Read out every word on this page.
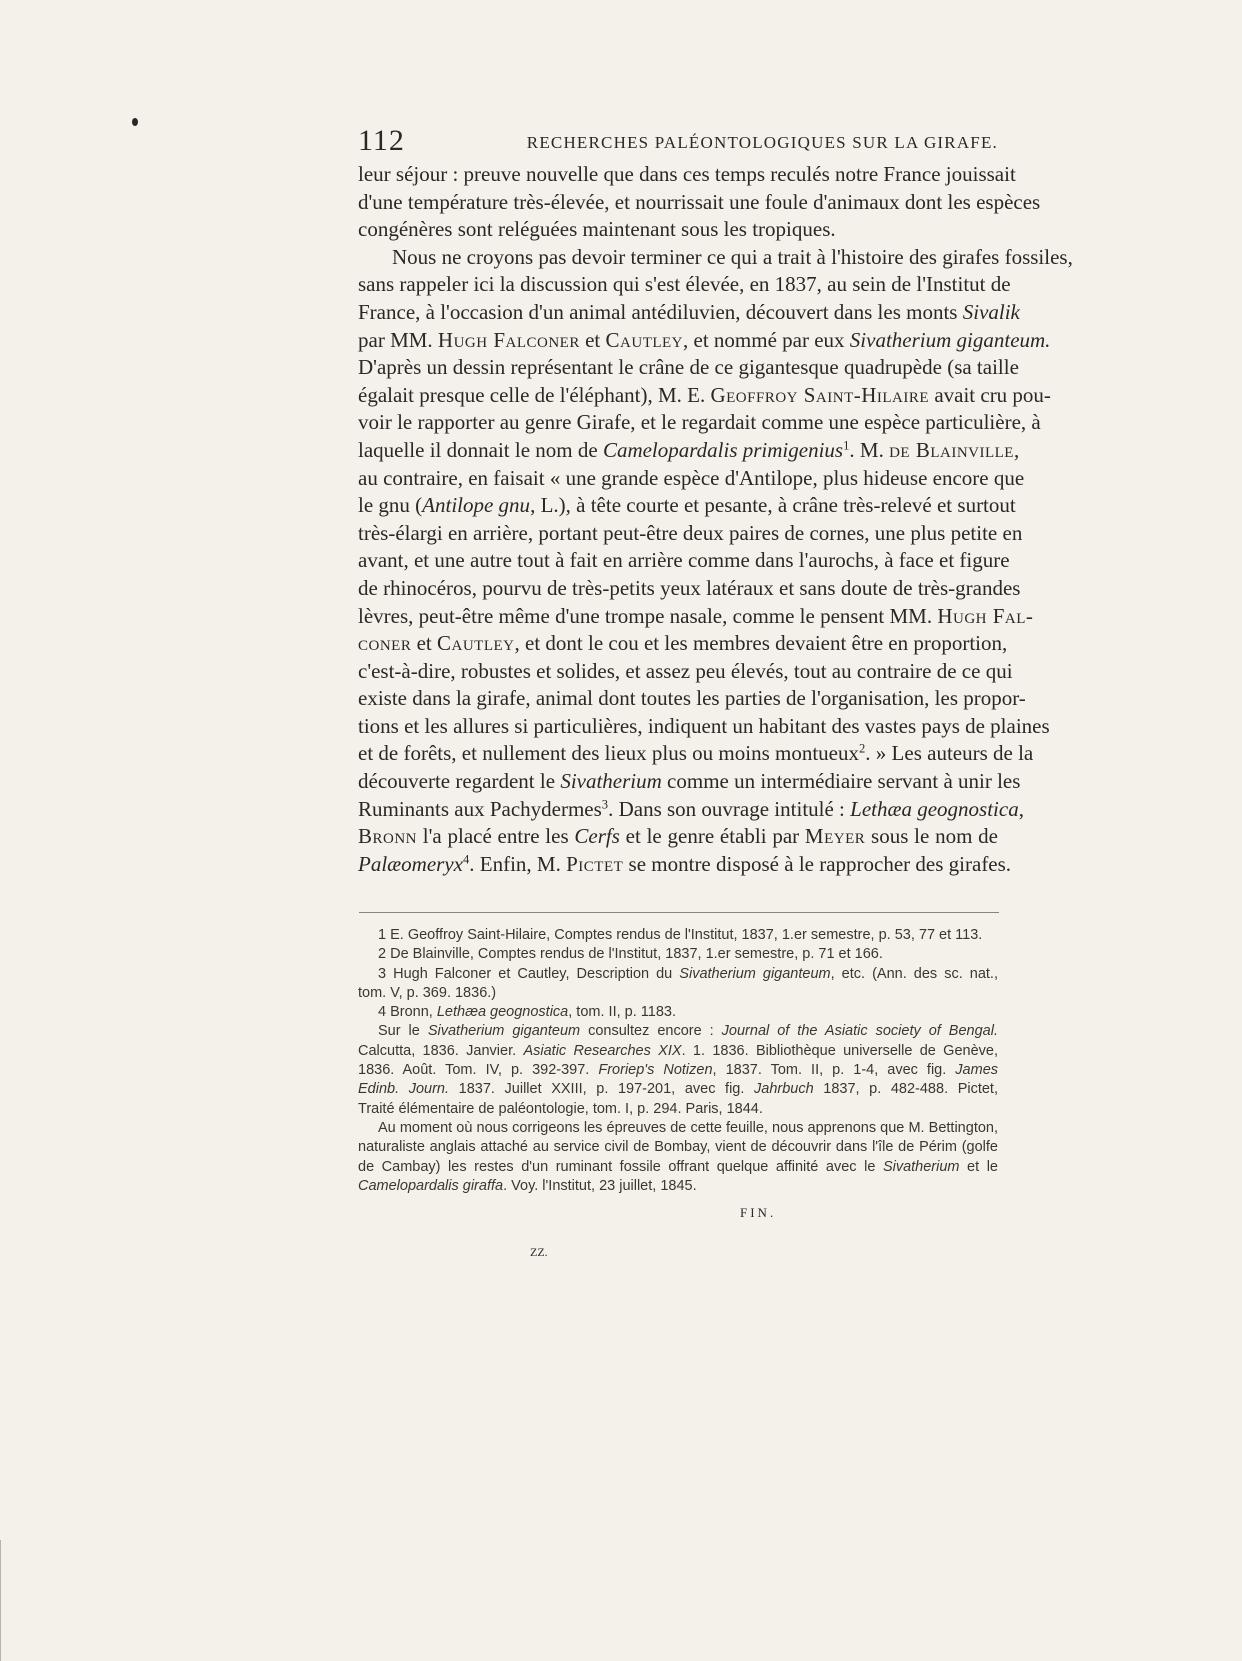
112	RECHERCHES PALÉONTOLOGIQUES SUR LA GIRAFE.
leur séjour : preuve nouvelle que dans ces temps reculés notre France jouissait
d'une température très-élevée, et nourrissait une foule d'animaux dont les espèces
congénères sont reléguées maintenant sous les tropiques.
Nous ne croyons pas devoir terminer ce qui a trait à l'histoire des girafes fossiles,
sans rappeler ici la discussion qui s'est élevée, en 1837, au sein de l'Institut de
France, à l'occasion d'un animal antédiluvien, découvert dans les monts Sivalik
par MM. Hugh Falconer et Cautley, et nommé par eux Sivatherium giganteum.
D'après un dessin représentant le crâne de ce gigantesque quadrupède (sa taille
égalait presque celle de l'éléphant), M. E. Geoffroy Saint-Hilaire avait cru pou-
voir le rapporter au genre Girafe, et le regardait comme une espèce particulière, à
laquelle il donnait le nom de Camelopardalis primigenius$^1$. M. de Blainville,
au contraire, en faisait « une grande espèce d'Antilope, plus hideuse encore que
le gnu (Antilope gnu, L.), à tête courte et pesante, à crâne très-relevé et surtout
très-élargi en arrière, portant peut-être deux paires de cornes, une plus petite en
avant, et une autre tout à fait en arrière comme dans l'aurochs, à face et figure
de rhinocéros, pourvu de très-petits yeux latéraux et sans doute de très-grandes
lèvres, peut-être même d'une trompe nasale, comme le pensent MM. Hugh Fal-
coner et Cautley, et dont le cou et les membres devaient être en proportion,
c'est-à-dire, robustes et solides, et assez peu élevés, tout au contraire de ce qui
existe dans la girafe, animal dont toutes les parties de l'organisation, les propor-
tions et les allures si particulières, indiquent un habitant des vastes pays de plaines
et de forêts, et nullement des lieux plus ou moins montueux$^2$. » Les auteurs de la
découverte regardent le Sivatherium comme un intermédiaire servant à unir les
Ruminants aux Pachydermes$^3$. Dans son ouvrage intitulé : Lethæa geognostica,
Bronn l'a placé entre les Cerfs et le genre établi par Meyer sous le nom de
Palæomeryx$^4$. Enfin, M. Pictet se montre disposé à le rapprocher des girafes.
1 E. Geoffroy Saint-Hilaire, Comptes rendus de l'Institut, 1837, 1.er semestre, p. 53, 77 et 113.
2 De Blainville, Comptes rendus de l'Institut, 1837, 1.er semestre, p. 71 et 166.
3 Hugh Falconer et Cautley, Description du Sivatherium giganteum, etc. (Ann. des sc. nat.,
tom. V, p. 369. 1836.)
4 Bronn, Lethæa geognostica, tom. II, p. 1183.
Sur le Sivatherium giganteum consultez encore : Journal of the Asiatic society of Bengal.
Calcutta, 1836. Janvier. Asiatic Researches XIX. 1. 1836. Bibliothèque universelle de Genève,
1836. Août. Tom. IV, p. 392-397. Froriep's Notizen, 1837. Tom. II, p. 1-4, avec fig. James
Edinb. Journ. 1837. Juillet XXIII, p. 197-201, avec fig. Jahrbuch 1837, p. 482-488. Pictet,
Traité élémentaire de paléontologie, tom. I, p. 294. Paris, 1844.
Au moment où nous corrigeons les épreuves de cette feuille, nous apprenons que M. Bettington,
naturaliste anglais attaché au service civil de Bombay, vient de découvrir dans l'île de Périm (golfe
de Cambay) les restes d'un ruminant fossile offrant quelque affinité avec le Sivatherium et le
Camelopardalis giraffa. Voy. l'Institut, 23 juillet, 1845.
FIN.
ZZ.
